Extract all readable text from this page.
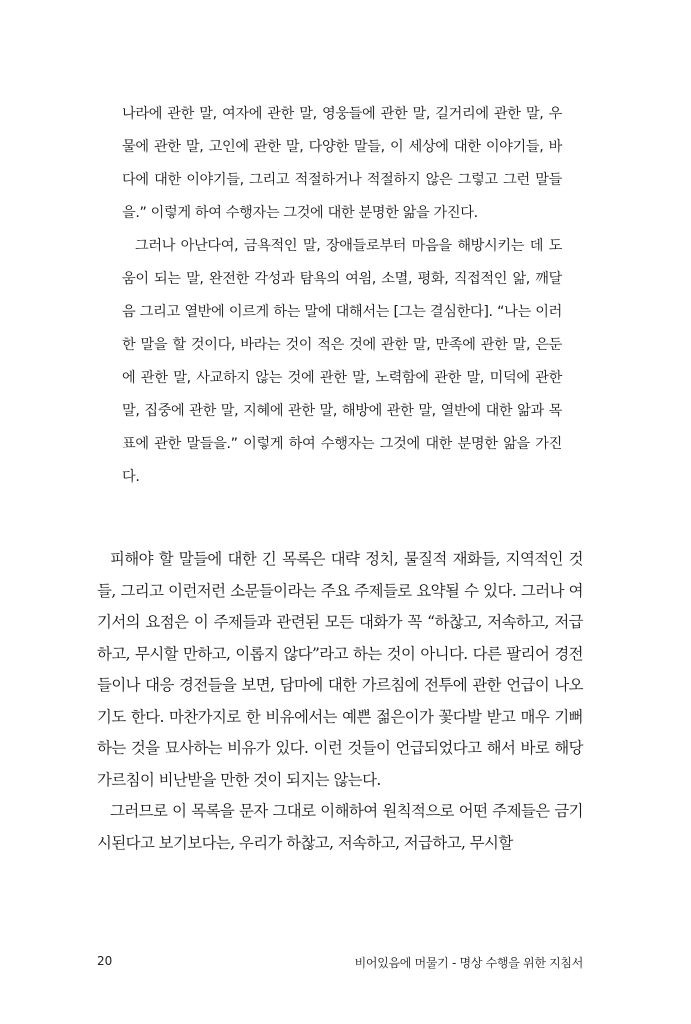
나라에 관한 말, 여자에 관한 말, 영웅들에 관한 말, 길거리에 관한 말, 우물에 관한 말, 고인에 관한 말, 다양한 말들, 이 세상에 대한 이야기들, 바다에 대한 이야기들, 그리고 적절하거나 적절하지 않은 그렇고 그런 말들을.” 이렇게 하여 수행자는 그것에 대한 분명한 앎을 가진다.

그러나 아난다여, 금욕적인 말, 장애들로부터 마음을 해방시키는 데 도움이 되는 말, 완전한 각성과 탐욕의 여읨, 소멸, 평화, 직접적인 앎, 깨달음 그리고 열반에 이르게 하는 말에 대해서는 [그는 결심한다]. “나는 이러한 말을 할 것이다, 바라는 것이 적은 것에 관한 말, 만족에 관한 말, 은둔에 관한 말, 사교하지 않는 것에 관한 말, 노력함에 관한 말, 미덕에 관한 말, 집중에 관한 말, 지혜에 관한 말, 해방에 관한 말, 열반에 대한 앎과 목표에 관한 말들을.” 이렇게 하여 수행자는 그것에 대한 분명한 앎을 가진다.

피해야 할 말들에 대한 긴 목록은 대략 정치, 물질적 재화들, 지역적인 것들, 그리고 이런저런 소문들이라는 주요 주제들로 요약될 수 있다. 그러나 여기서의 요점은 이 주제들과 관련된 모든 대화가 꼭 “하찮고, 저속하고, 저급하고, 무시할 만하고, 이롭지 않다”라고 하는 것이 아니다. 다른 팔리어 경전들이나 대응 경전들을 보면, 담마에 대한 가르침에 전투에 관한 언급이 나오기도 한다. 마찬가지로 한 비유에서는 예쁜 젊은이가 꽃다발 받고 매우 기뻐하는 것을 묘사하는 비유가 있다. 이런 것들이 언급되었다고 해서 바로 해당 가르침이 비난받을 만한 것이 되지는 않는다.

그러므로 이 목록을 문자 그대로 이해하여 원칙적으로 어떤 주제들은 금기시된다고 보기보다는, 우리가 하찮고, 저속하고, 저급하고, 무시할

20	비어있음에 머물기 - 명상 수행을 위한 지침서
